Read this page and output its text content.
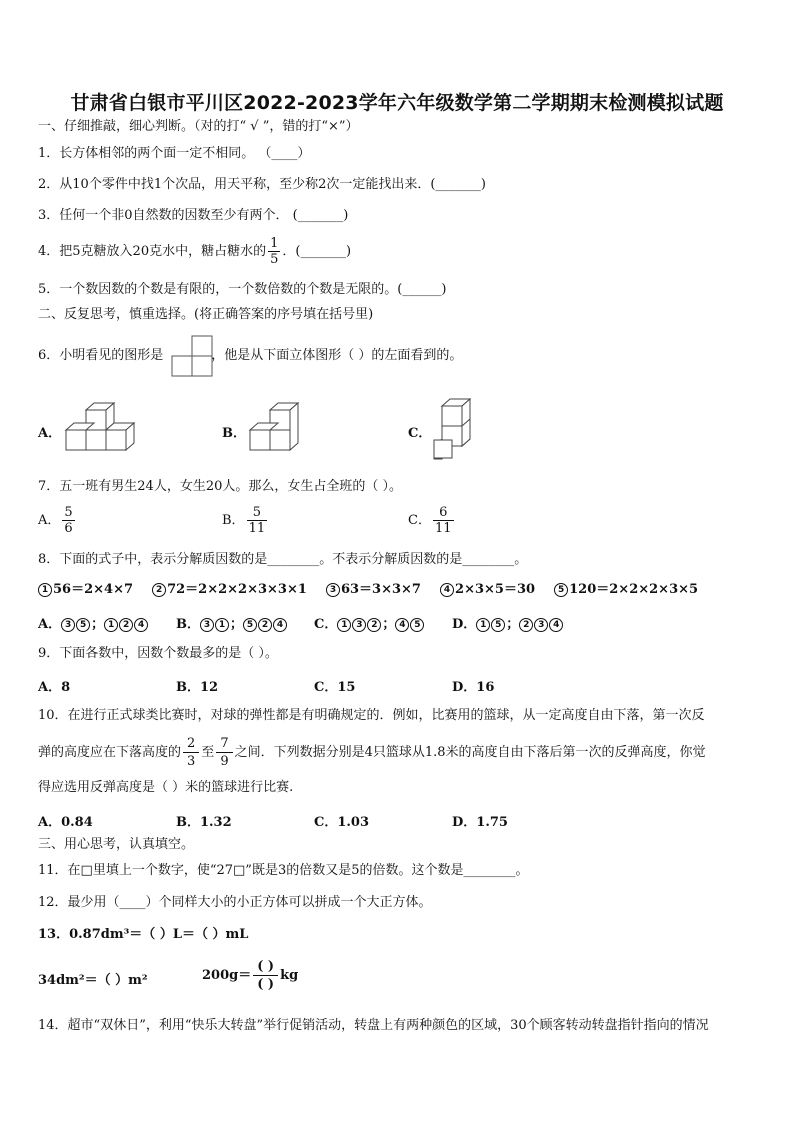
甘肃省白银市平川区2022-2023学年六年级数学第二学期期末检测模拟试题
一、仔细推敲，细心判断。（对的打“ √ ”，错的打“×”）
1．长方体相邻的两个面一定不相同。 （____）
2．从10个零件中找1个次品，用天平称，至少称2次一定能找出来．(_______)
3．任何一个非0自然数的因数至少有两个． (_______)
4．把5克糖放入20克水中，糖占糖水的 $\frac{1}{5}$ ．(_______)
5．一个数因数的个数是有限的，一个数倍数的个数是无限的。(______)
二、反复思考，慎重选择。(将正确答案的序号填在括号里)
6．小明看见的图形是	，他是从下面立体图形（ ）的左面看到的。
A．	B．	C．
7．五一班有男生24人，女生20人。那么，女生占全班的（ ）。
A． $\frac{5}{6}$	B． $\frac{5}{11}$	C． $\frac{6}{11}$
8．下面的式子中，表示分解质因数的是________。不表示分解质因数的是________。
1 56＝2×4×7	2 72＝2×2×2×3×3×1	3 63＝3×3×7	4 2×3×5＝30	5 120＝2×2×2×3×5
A． 3 5 ； 1 2 4	B． 3 1 ； 5 2 4	C． 1 3 2 ； 4 5	D． 1 5 ； 2 3 4
9．下面各数中，因数个数最多的是（ ）。
A．8	B．12	C．15	D．16
10．在进行正式球类比赛时，对球的弹性都是有明确规定的．例如，比赛用的篮球，从一定高度自由下落，第一次反
弹的高度应在下落高度的 $\frac{2}{3}$ 至 $\frac{7}{9}$ 之间．下列数据分别是4只篮球从1.8米的高度自由下落后第一次的反弹高度，你觉
得应选用反弹高度是（ ）米的篮球进行比赛.
A．0.84	B．1.32	C．1.03	D．1.75
三、用心思考，认真填空。
11．在□里填上一个数字，使“27□”既是3的倍数又是5的倍数。这个数是________。
12．最少用（____）个同样大小的小正方体可以拼成一个大正方体。
13．0.87dm³＝（ ）L＝（ ）mL
34dm²＝（ ）m²	200g＝
( )
( )kg
14．超市“双休日”，利用“快乐大转盘”举行促销活动，转盘上有两种颜色的区域，30个顾客转动转盘指针指向的情况
